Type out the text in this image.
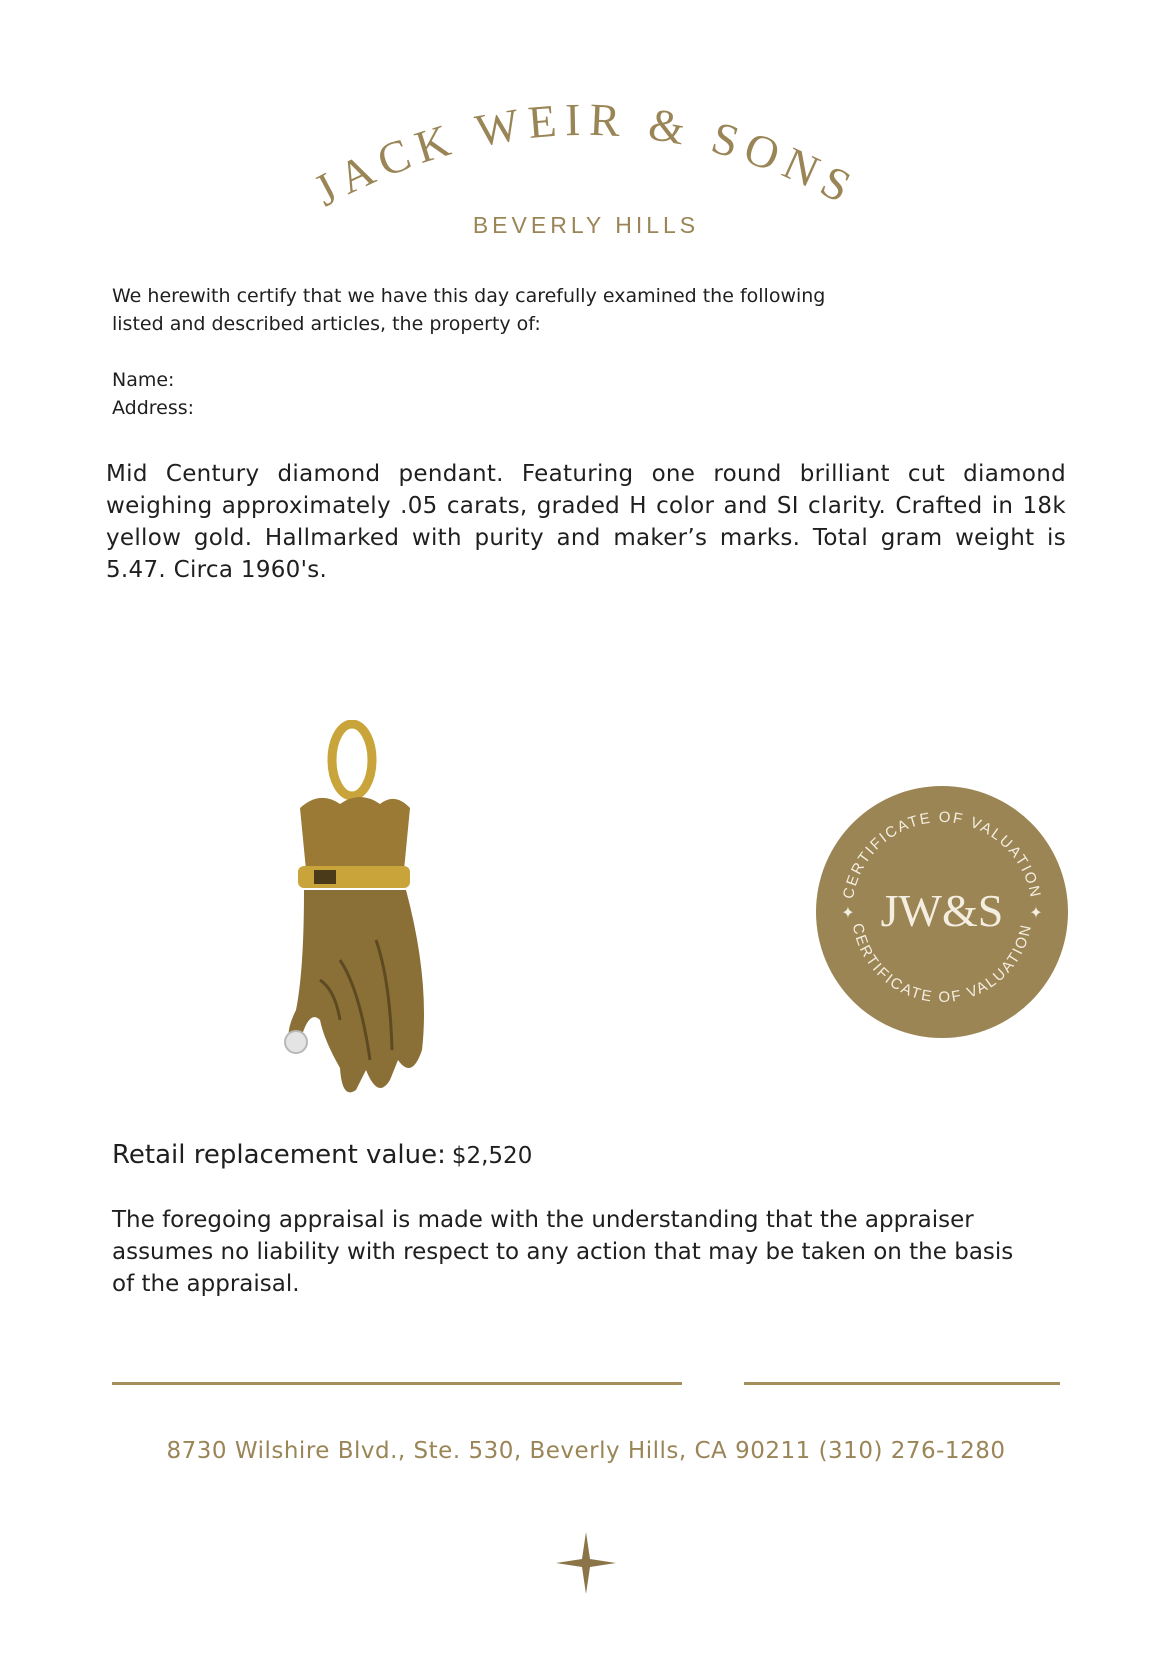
JACK WEIR & SONS
BEVERLY HILLS
We herewith certify that we have this day carefully examined the following listed and described articles, the property of:
Name:
Address:
Mid Century diamond pendant. Featuring one round brilliant cut diamond weighing approximately .05 carats, graded H color and SI clarity. Crafted in 18k yellow gold. Hallmarked with purity and maker’s marks. Total gram weight is 5.47. Circa 1960's.
CERTIFICATE OF VALUATION
CERTIFICATE OF VALUATION
JW&S
✦	✦
Retail replacement value: $2,520
The foregoing appraisal is made with the understanding that the appraiser assumes no liability with respect to any action that may be taken on the basis of the appraisal.
8730 Wilshire Blvd., Ste. 530, Beverly Hills, CA 90211 (310) 276-1280
